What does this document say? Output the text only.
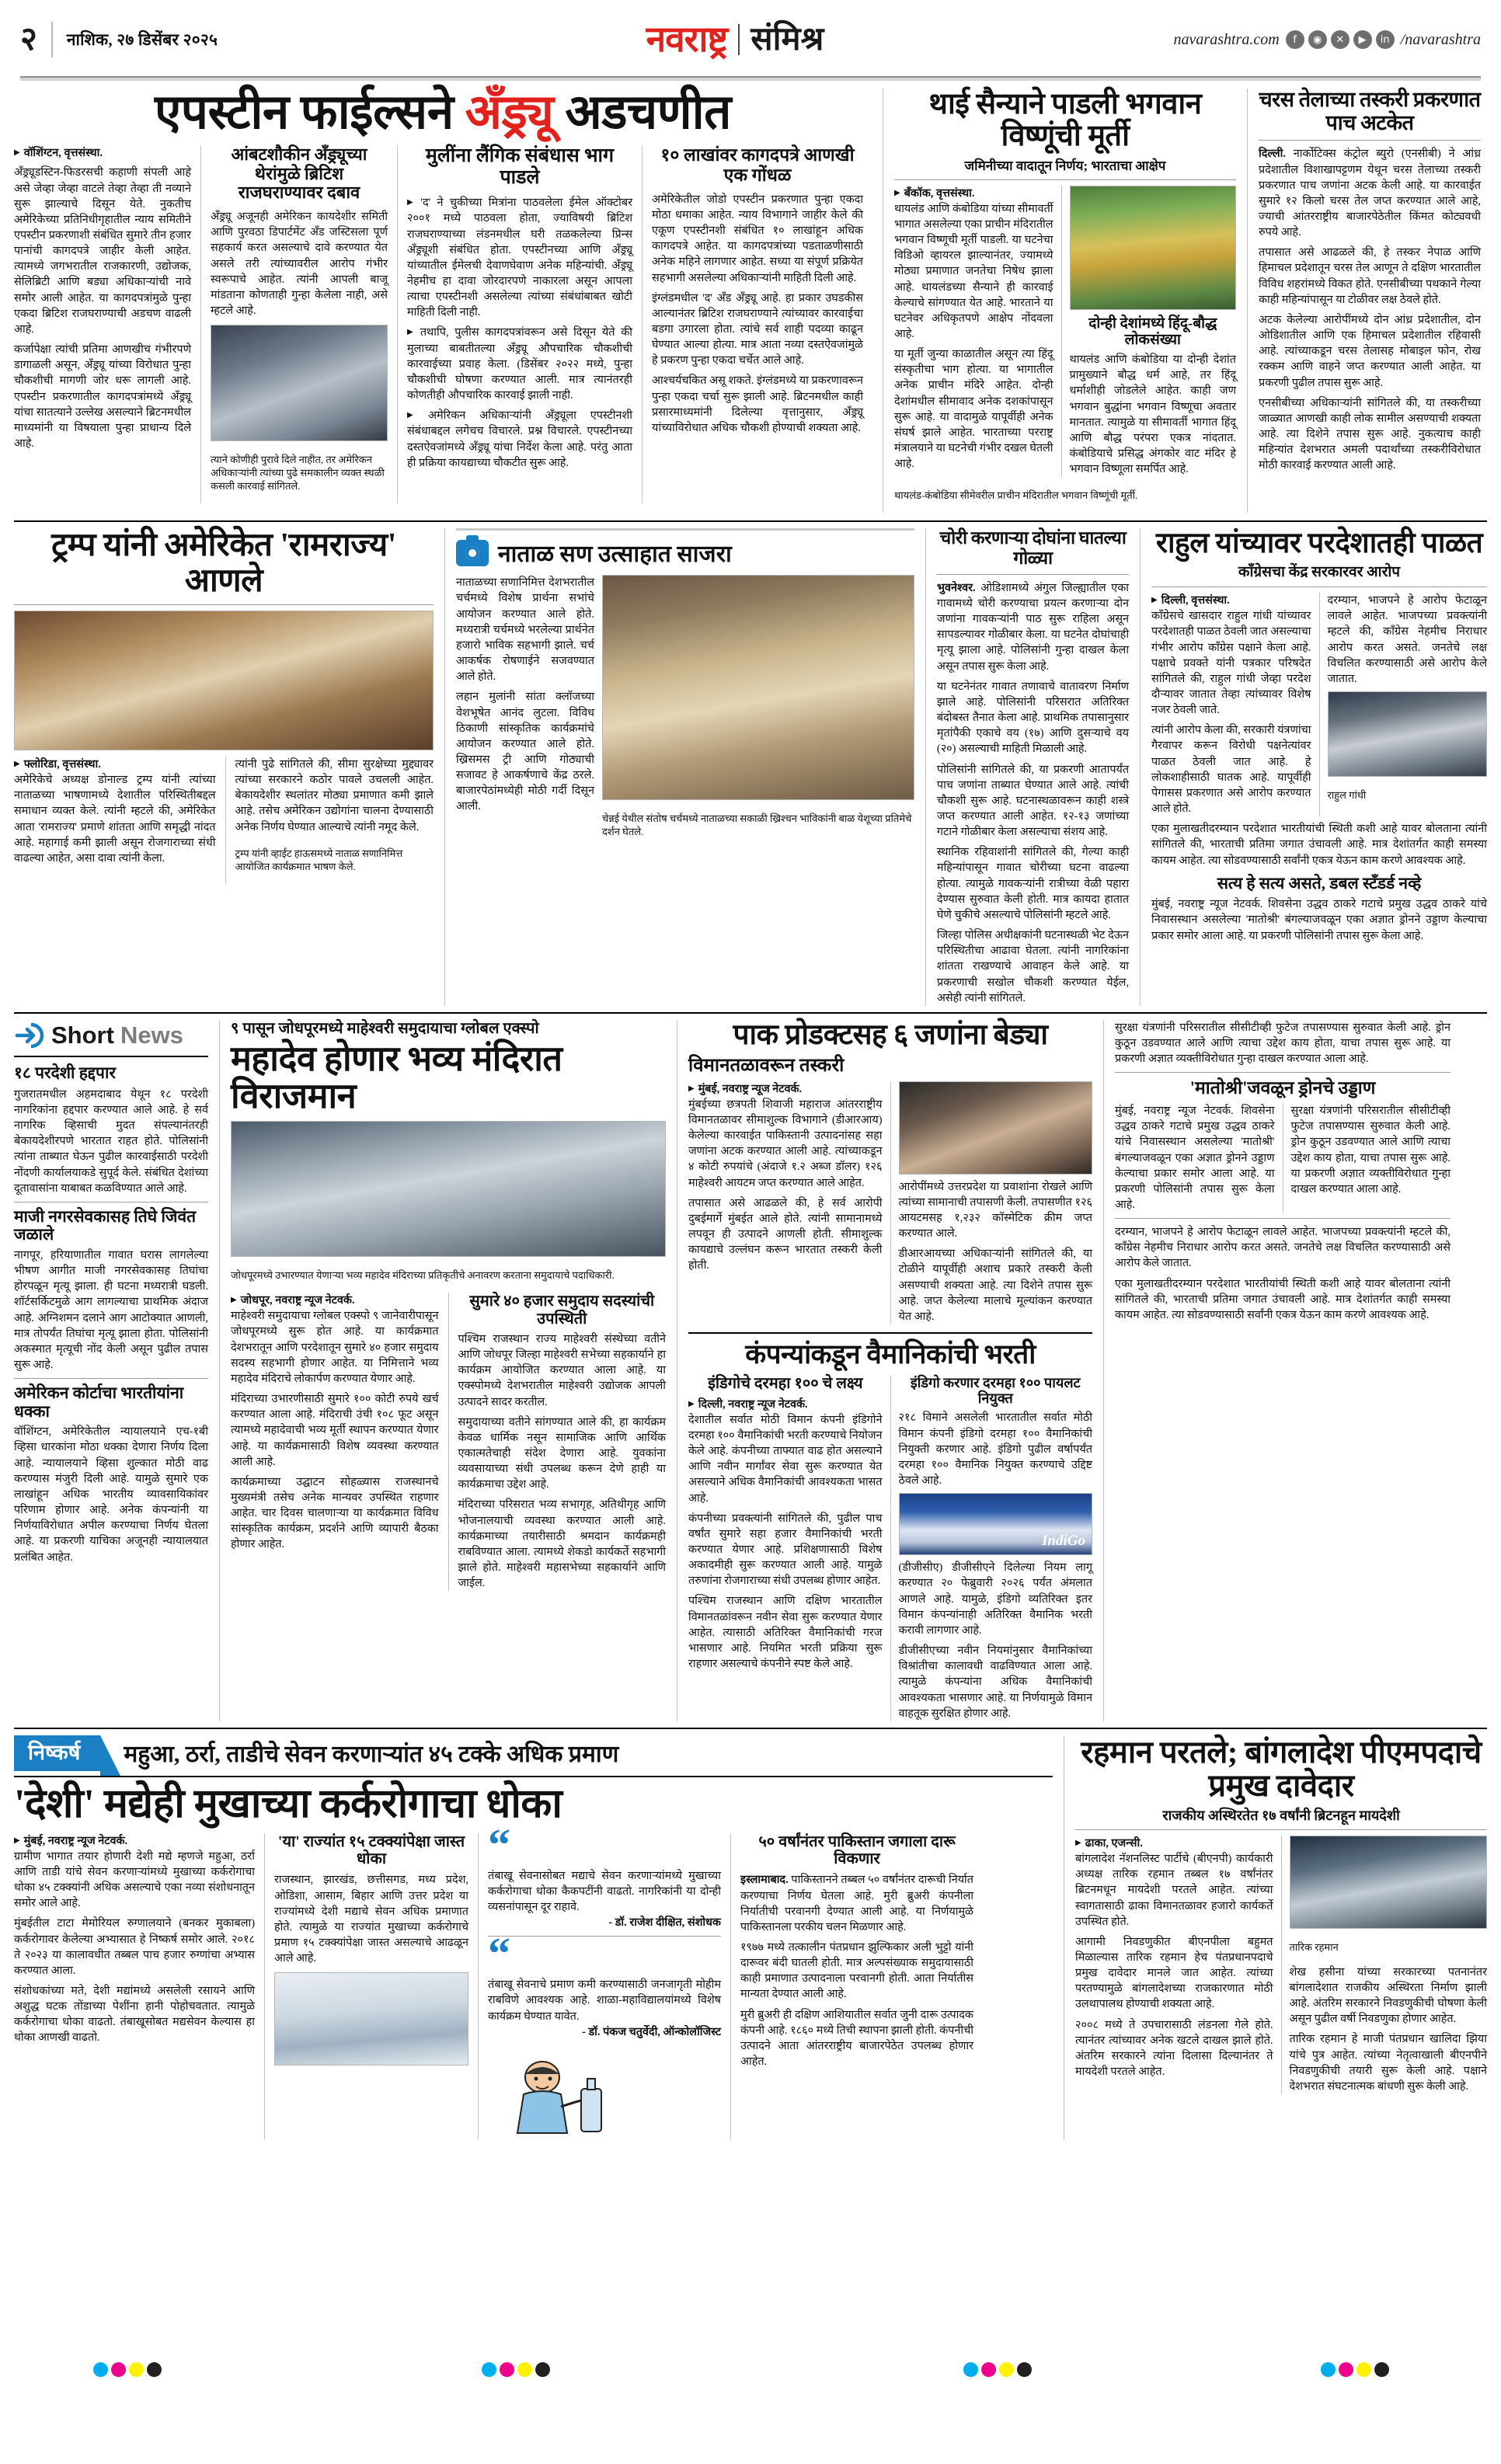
२ नाशिक, २७ डिसेंबर २०२५	नवराष्ट्र संमिश्र	navarashtra.com	f	◉	✕	▶	in /navarashtra
एपस्टीन फाईल्सने अँड्र्यू अडचणीत

▶ वॉशिंग्टन, वृत्तसंस्था.

अँड्र्यूडस्टिन-फिडरसची कहाणी संपली आहे असे जेव्हा जेव्हा वाटले तेव्हा तेव्हा ती नव्याने सुरू झाल्याचे दिसून येते. नुकतीच अमेरिकेच्या प्रतिनिधीगृहातील न्याय समितीने एपस्टीन प्रकरणाशी संबंधित सुमारे तीन हजार पानांची कागदपत्रे जाहीर केली आहेत. त्यामध्ये जगभरातील राजकारणी, उद्योजक, सेलिब्रिटी आणि बड्या अधिकाऱ्यांची नावे समोर आली आहेत. या कागदपत्रांमुळे पुन्हा एकदा ब्रिटिश राजघराण्याची अडचण वाढली आहे.

कर्जापेक्षा त्यांची प्रतिमा आणखीच गंभीरपणे डागाळली असून, अँड्र्यू यांच्या विरोधात पुन्हा चौकशीची मागणी जोर धरू लागली आहे. एपस्टीन प्रकरणातील कागदपत्रांमध्ये अँड्र्यू यांचा सातत्याने उल्लेख असल्याने ब्रिटनमधील माध्यमांनी या विषयाला पुन्हा प्राधान्य दिले आहे.

आंबटशौकीन अँड्र्यूच्या थेरांमुळे ब्रिटिश राजघराण्यावर दबाव

अँड्र्यू अजूनही अमेरिकन कायदेशीर समिती आणि पुरवठा डिपार्टमेंट अँड जस्टिसला पूर्ण सहकार्य करत असल्याचे दावे करण्यात येत असले तरी त्यांच्यावरील आरोप गंभीर स्वरूपाचे आहेत. त्यांनी आपली बाजू मांडताना कोणताही गुन्हा केलेला नाही, असे म्हटले आहे.

त्याने कोणीही पुरावे दिले नाहीत, तर अमेरिकन अधिकाऱ्यांनी त्यांच्या पुढे समकालीन व्यक्त स्थळी कसली कारवाई सांगितले.

मुलींना लैंगिक संबंधास भाग पाडले

▶ 'द' ने चुकीच्या मित्रांना पाठवलेला ईमेल ऑक्टोबर २००१ मध्ये पाठवला होता, ज्याविषयी ब्रिटिश राजघराण्याच्या लंडनमधील घरी तळकलेल्या प्रिन्स अँड्र्यूशी संबंधित होता. एपस्टीनच्या आणि अँड्र्यू यांच्यातील ईमेलची देवाणघेवाण अनेक महिन्यांची. अँड्र्यू नेहमीच हा दावा जोरदारपणे नाकारला असून आपला त्याचा एपस्टीनशी असलेल्या त्यांच्या संबंधांबाबत खोटी माहिती दिली नाही.

▶ तथापि, पुलीस कागदपत्रांवरून असे दिसून येते की मुलाच्या बाबतीतल्या अँड्र्यू औपचारिक चौकशीची कारवाईच्या प्रवाह केला. (डिसेंबर २०२२ मध्ये, पुन्हा चौकशीची घोषणा करण्यात आली. मात्र त्यानंतरही कोणतीही औपचारिक कारवाई झाली नाही.

▶ अमेरिकन अधिकाऱ्यांनी अँड्र्यूला एपस्टीनशी संबंधाबद्दल लगेचच विचारले. प्रश्न विचारले. एपस्टीनच्या दस्तऐवजांमध्ये अँड्र्यू यांचा निर्देश केला आहे. परंतु आता ही प्रक्रिया कायद्याच्या चौकटीत सुरू आहे.

१० लाखांवर कागदपत्रे आणखी एक गोंधळ

अमेरिकेतील जोडो एपस्टीन प्रकरणात पुन्हा एकदा मोठा धमाका आहेत. न्याय विभागाने जाहीर केले की एकूण एपस्टीनशी संबंधित १० लाखांहून अधिक कागदपत्रे आहेत. या कागदपत्रांच्या पडताळणीसाठी अनेक महिने लागणार आहेत. सध्या या संपूर्ण प्रक्रियेत सहभागी असलेल्या अधिकाऱ्यांनी माहिती दिली आहे.

इंग्लंडमधील 'द' अँड अँड्र्यू आहे. हा प्रकार उघडकीस आल्यानंतर ब्रिटिश राजघराण्याने त्यांच्यावर कारवाईचा बडगा उगारला होता. त्यांचे सर्व शाही पदव्या काढून घेण्यात आल्या होत्या. मात्र आता नव्या दस्तऐवजांमुळे हे प्रकरण पुन्हा एकदा चर्चेत आले आहे.

आश्चर्यचकित असू शकते. इंग्लंडमध्ये या प्रकरणावरून पुन्हा एकदा चर्चा सुरू झाली आहे. ब्रिटनमधील काही प्रसारमाध्यमांनी दिलेल्या वृत्तानुसार, अँड्र्यू यांच्याविरोधात अधिक चौकशी होण्याची शक्यता आहे.

थाई सैन्याने पाडली भगवान विष्णूंची मूर्ती

जमिनीच्या वादातून निर्णय; भारताचा आक्षेप

▶ बँकॉक, वृत्तसंस्था.

थायलंड आणि कंबोडिया यांच्या सीमावर्ती भागात असलेल्या एका प्राचीन मंदिरातील भगवान विष्णूची मूर्ती पाडली. या घटनेचा विडिओ व्हायरल झाल्यानंतर, ज्यामध्ये मोठ्या प्रमाणात जनतेचा निषेध झाला आहे. थायलंडच्या सैन्याने ही कारवाई केल्याचे सांगण्यात येत आहे. भारताने या घटनेवर अधिकृतपणे आक्षेप नोंदवला आहे.

या मूर्ती जुन्या काळातील असून त्या हिंदू संस्कृतीचा भाग होत्या. या भागातील अनेक प्राचीन मंदिरे आहेत. दोन्ही देशांमधील सीमावाद अनेक दशकांपासून सुरू आहे. या वादामुळे यापूर्वीही अनेक संघर्ष झाले आहेत. भारताच्या परराष्ट्र मंत्रालयाने या घटनेची गंभीर दखल घेतली आहे.

दोन्ही देशांमध्ये हिंदू-बौद्ध लोकसंख्या

थायलंड आणि कंबोडिया या दोन्ही देशांत प्रामुख्याने बौद्ध धर्म आहे, तर हिंदू धर्माशीही जोडलेले आहेत. काही जण भगवान बुद्धांना भगवान विष्णूचा अवतार मानतात. त्यामुळे या सीमावर्ती भागात हिंदू आणि बौद्ध परंपरा एकत्र नांदतात. कंबोडियाचे प्रसिद्ध अंगकोर वाट मंदिर हे भगवान विष्णूला समर्पित आहे.

थायलंड-कंबोडिया सीमेवरील प्राचीन मंदिरातील भगवान विष्णूंची मूर्ती.

चरस तेलाच्या तस्करी प्रकरणात पाच अटकेत

दिल्ली. नार्कोटिक्स कंट्रोल ब्युरो (एनसीबी) ने आंध्र प्रदेशातील विशाखापट्टणम येथून चरस तेलाच्या तस्करी प्रकरणात पाच जणांना अटक केली आहे. या कारवाईत सुमारे १२ किलो चरस तेल जप्त करण्यात आले आहे, ज्याची आंतरराष्ट्रीय बाजारपेठेतील किंमत कोट्यवधी रुपये आहे.

तपासात असे आढळले की, हे तस्कर नेपाळ आणि हिमाचल प्रदेशातून चरस तेल आणून ते दक्षिण भारतातील विविध शहरांमध्ये विकत होते. एनसीबीच्या पथकाने गेल्या काही महिन्यांपासून या टोळीवर लक्ष ठेवले होते.

अटक केलेल्या आरोपींमध्ये दोन आंध्र प्रदेशातील, दोन ओडिशातील आणि एक हिमाचल प्रदेशातील रहिवासी आहे. त्यांच्याकडून चरस तेलासह मोबाइल फोन, रोख रक्कम आणि वाहने जप्त करण्यात आली आहेत. या प्रकरणी पुढील तपास सुरू आहे.

एनसीबीच्या अधिकाऱ्यांनी सांगितले की, या तस्करीच्या जाळ्यात आणखी काही लोक सामील असण्याची शक्यता आहे. त्या दिशेने तपास सुरू आहे. नुकत्याच काही महिन्यांत देशभरात अमली पदार्थांच्या तस्करीविरोधात मोठी कारवाई करण्यात आली आहे.

ट्रम्प यांनी अमेरिकेत 'रामराज्य' आणले

▶ फ्लोरिडा, वृत्तसंस्था.

अमेरिकेचे अध्यक्ष डोनाल्ड ट्रम्प यांनी त्यांच्या नाताळच्या भाषणामध्ये देशातील परिस्थितीबद्दल समाधान व्यक्त केले. त्यांनी म्हटले की, अमेरिकेत आता 'रामराज्य' प्रमाणे शांतता आणि समृद्धी नांदत आहे. महागाई कमी झाली असून रोजगाराच्या संधी वाढल्या आहेत, असा दावा त्यांनी केला.

त्यांनी पुढे सांगितले की, सीमा सुरक्षेच्या मुद्द्यावर त्यांच्या सरकारने कठोर पावले उचलली आहेत. बेकायदेशीर स्थलांतर मोठ्या प्रमाणात कमी झाले आहे. तसेच अमेरिकन उद्योगांना चालना देण्यासाठी अनेक निर्णय घेण्यात आल्याचे त्यांनी नमूद केले.

ट्रम्प यांनी व्हाईट हाऊसमध्ये नाताळ सणानिमित्त आयोजित कार्यक्रमात भाषण केले.

नाताळ सण उत्साहात साजरा

नाताळच्या सणानिमित्त देशभरातील चर्चमध्ये विशेष प्रार्थना सभांचे आयोजन करण्यात आले होते. मध्यरात्री चर्चमध्ये भरलेल्या प्रार्थनेत हजारो भाविक सहभागी झाले. चर्च आकर्षक रोषणाईने सजवण्यात आले होते.

लहान मुलांनी सांता क्लॉजच्या वेशभूषेत आनंद लुटला. विविध ठिकाणी सांस्कृतिक कार्यक्रमांचे आयोजन करण्यात आले होते. ख्रिसमस ट्री आणि गोठ्याची सजावट हे आकर्षणाचे केंद्र ठरले. बाजारपेठांमध्येही मोठी गर्दी दिसून आली.

चेन्नई येथील संतोष चर्चमध्ये नाताळच्या सकाळी ख्रिश्चन भाविकांनी बाळ येशूच्या प्रतिमेचे दर्शन घेतले.

चोरी करणाऱ्या दोघांना घातल्या गोळ्या

भुवनेश्वर. ओडिशामध्ये अंगुल जिल्ह्यातील एका गावामध्ये चोरी करण्याचा प्रयत्न करणाऱ्या दोन जणांना गावकऱ्यांनी पाठ सुरू राहिला असून सापडल्यावर गोळीबार केला. या घटनेत दोघांचाही मृत्यू झाला आहे. पोलिसांनी गुन्हा दाखल केला असून तपास सुरू केला आहे.

या घटनेनंतर गावात तणावाचे वातावरण निर्माण झाले आहे. पोलिसांनी परिसरात अतिरिक्त बंदोबस्त तैनात केला आहे. प्राथमिक तपासानुसार मृतांपैकी एकाचे वय (१७) आणि दुसऱ्याचे वय (२०) असल्याची माहिती मिळाली आहे.

पोलिसांनी सांगितले की, या प्रकरणी आतापर्यंत पाच जणांना ताब्यात घेण्यात आले आहे. त्यांची चौकशी सुरू आहे. घटनास्थळावरून काही शस्त्रे जप्त करण्यात आली आहेत. १२-१३ जणांच्या गटाने गोळीबार केला असल्याचा संशय आहे.

स्थानिक रहिवाशांनी सांगितले की, गेल्या काही महिन्यांपासून गावात चोरीच्या घटना वाढल्या होत्या. त्यामुळे गावकऱ्यांनी रात्रीच्या वेळी पहारा देण्यास सुरुवात केली होती. मात्र कायदा हातात घेणे चुकीचे असल्याचे पोलिसांनी म्हटले आहे.

जिल्हा पोलिस अधीक्षकांनी घटनास्थळी भेट देऊन परिस्थितीचा आढावा घेतला. त्यांनी नागरिकांना शांतता राखण्याचे आवाहन केले आहे. या प्रकरणाची सखोल चौकशी करण्यात येईल, असेही त्यांनी सांगितले.

राहुल यांच्यावर परदेशातही पाळत

काँग्रेसचा केंद्र सरकारवर आरोप

▶ दिल्ली, वृत्तसंस्था.

काँग्रेसचे खासदार राहुल गांधी यांच्यावर परदेशातही पाळत ठेवली जात असल्याचा गंभीर आरोप काँग्रेस पक्षाने केला आहे. पक्षाचे प्रवक्ते यांनी पत्रकार परिषदेत सांगितले की, राहुल गांधी जेव्हा परदेश दौऱ्यावर जातात तेव्हा त्यांच्यावर विशेष नजर ठेवली जाते.

त्यांनी आरोप केला की, सरकारी यंत्रणांचा गैरवापर करून विरोधी पक्षनेत्यांवर पाळत ठेवली जात आहे. हे लोकशाहीसाठी घातक आहे. यापूर्वीही पेगासस प्रकरणात असे आरोप करण्यात आले होते.

दरम्यान, भाजपने हे आरोप फेटाळून लावले आहेत. भाजपच्या प्रवक्त्यांनी म्हटले की, काँग्रेस नेहमीच निराधार आरोप करत असते. जनतेचे लक्ष विचलित करण्यासाठी असे आरोप केले जातात.

राहुल गांधी

एका मुलाखतीदरम्यान परदेशात भारतीयांची स्थिती कशी आहे यावर बोलताना त्यांनी सांगितले की, भारताची प्रतिमा जगात उंचावली आहे. मात्र देशांतर्गत काही समस्या कायम आहेत. त्या सोडवण्यासाठी सर्वांनी एकत्र येऊन काम करणे आवश्यक आहे.

सत्य हे सत्य असते, डबल स्टँडर्ड नव्हे

मुंबई, नवराष्ट्र न्यूज नेटवर्क. शिवसेना उद्धव ठाकरे गटाचे प्रमुख उद्धव ठाकरे यांचे निवासस्थान असलेल्या 'मातोश्री' बंगल्याजवळून एका अज्ञात ड्रोनने उड्डाण केल्याचा प्रकार समोर आला आहे. या प्रकरणी पोलिसांनी तपास सुरू केला आहे.

Short News
१८ परदेशी हद्दपार

गुजरातमधील अहमदाबाद येथून १८ परदेशी नागरिकांना हद्दपार करण्यात आले आहे. हे सर्व नागरिक व्हिसाची मुदत संपल्यानंतरही बेकायदेशीरपणे भारतात राहत होते. पोलिसांनी त्यांना ताब्यात घेऊन पुढील कारवाईसाठी परदेशी नोंदणी कार्यालयाकडे सुपूर्द केले. संबंधित देशांच्या दूतावासांना याबाबत कळविण्यात आले आहे.

माजी नगरसेवकासह तिघे जिवंत जळाले

नागपूर, हरियाणातील गावात घरास लागलेल्या भीषण आगीत माजी नगरसेवकासह तिघांचा होरपळून मृत्यू झाला. ही घटना मध्यरात्री घडली. शॉर्टसर्किटमुळे आग लागल्याचा प्राथमिक अंदाज आहे. अग्निशमन दलाने आग आटोक्यात आणली, मात्र तोपर्यंत तिघांचा मृत्यू झाला होता. पोलिसांनी अकस्मात मृत्यूची नोंद केली असून पुढील तपास सुरू आहे.

अमेरिकन कोर्टाचा भारतीयांना धक्का

वॉशिंग्टन, अमेरिकेतील न्यायालयाने एच-१बी व्हिसा धारकांना मोठा धक्का देणारा निर्णय दिला आहे. न्यायालयाने व्हिसा शुल्कात मोठी वाढ करण्यास मंजुरी दिली आहे. यामुळे सुमारे एक लाखांहून अधिक भारतीय व्यावसायिकांवर परिणाम होणार आहे. अनेक कंपन्यांनी या निर्णयाविरोधात अपील करण्याचा निर्णय घेतला आहे. या प्रकरणी याचिका अजूनही न्यायालयात प्रलंबित आहेत.

९ पासून जोधपूरमध्ये माहेश्वरी समुदायाचा ग्लोबल एक्स्पो

महादेव होणार भव्य मंदिरात विराजमान

जोधपूरमध्ये उभारण्यात येणाऱ्या भव्य महादेव मंदिराच्या प्रतिकृतीचे अनावरण करताना समुदायाचे पदाधिकारी.

▶ जोधपूर, नवराष्ट्र न्यूज नेटवर्क.

माहेश्वरी समुदायाचा ग्लोबल एक्स्पो ९ जानेवारीपासून जोधपूरमध्ये सुरू होत आहे. या कार्यक्रमात देशभरातून आणि परदेशातून सुमारे ४० हजार समुदाय सदस्य सहभागी होणार आहेत. या निमित्ताने भव्य महादेव मंदिराचे लोकार्पण करण्यात येणार आहे.

मंदिराच्या उभारणीसाठी सुमारे १०० कोटी रुपये खर्च करण्यात आला आहे. मंदिराची उंची १०८ फूट असून त्यामध्ये महादेवाची भव्य मूर्ती स्थापन करण्यात येणार आहे. या कार्यक्रमासाठी विशेष व्यवस्था करण्यात आली आहे.

कार्यक्रमाच्या उद्घाटन सोहळ्यास राजस्थानचे मुख्यमंत्री तसेच अनेक मान्यवर उपस्थित राहणार आहेत. चार दिवस चालणाऱ्या या कार्यक्रमात विविध सांस्कृतिक कार्यक्रम, प्रदर्शने आणि व्यापारी बैठका होणार आहेत.

सुमारे ४० हजार समुदाय सदस्यांची उपस्थिती

पश्चिम राजस्थान राज्य माहेश्वरी संस्थेच्या वतीने आणि जोधपूर जिल्हा माहेश्वरी सभेच्या सहकार्याने हा कार्यक्रम आयोजित करण्यात आला आहे. या एक्स्पोमध्ये देशभरातील माहेश्वरी उद्योजक आपली उत्पादने सादर करतील.

समुदायाच्या वतीने सांगण्यात आले की, हा कार्यक्रम केवळ धार्मिक नसून सामाजिक आणि आर्थिक एकात्मतेचाही संदेश देणारा आहे. युवकांना व्यवसायाच्या संधी उपलब्ध करून देणे हाही या कार्यक्रमाचा उद्देश आहे.

मंदिराच्या परिसरात भव्य सभागृह, अतिथीगृह आणि भोजनालयाची व्यवस्था करण्यात आली आहे. कार्यक्रमाच्या तयारीसाठी श्रमदान कार्यक्रमही राबविण्यात आला. त्यामध्ये शेकडो कार्यकर्ते सहभागी झाले होते. माहेश्वरी महासभेच्या सहकार्याने आणि जाईल.

पाक प्रोडक्टसह ६ जणांना बेड्या

विमानतळावरून तस्करी

▶ मुंबई, नवराष्ट्र न्यूज नेटवर्क.

मुंबईच्या छत्रपती शिवाजी महाराज आंतरराष्ट्रीय विमानतळावर सीमाशुल्क विभागाने (डीआरआय) केलेल्या कारवाईत पाकिस्तानी उत्पादनांसह सहा जणांना अटक करण्यात आली आहे. त्यांच्याकडून ४ कोटी रुपयांचे (अंदाजे १.२ अब्ज डॉलर) १२६ माहेश्वरी आयटम जप्त करण्यात आले आहेत.

तपासात असे आढळले की, हे सर्व आरोपी दुबईमार्गे मुंबईत आले होते. त्यांनी सामानामध्ये लपवून ही उत्पादने आणली होती. सीमाशुल्क कायद्याचे उल्लंघन करून भारतात तस्करी केली होती.

आरोपींमध्ये उत्तरप्रदेश या प्रवाशांना रोखले आणि त्यांच्या सामानाची तपासणी केली. तपासणीत १२६ आयटमसह १,२३२ कॉस्मेटिक क्रीम जप्त करण्यात आले.

डीआरआयच्या अधिकाऱ्यांनी सांगितले की, या टोळीने यापूर्वीही अशाच प्रकारे तस्करी केली असण्याची शक्यता आहे. त्या दिशेने तपास सुरू आहे. जप्त केलेल्या मालाचे मूल्यांकन करण्यात येत आहे.

कंपन्यांकडून वैमानिकांची भरती

इंडिगोचे दरमहा १०० चे लक्ष्य

▶ दिल्ली, नवराष्ट्र न्यूज नेटवर्क.

देशातील सर्वात मोठी विमान कंपनी इंडिगोने दरमहा १०० वैमानिकांची भरती करण्याचे नियोजन केले आहे. कंपनीच्या ताफ्यात वाढ होत असल्याने आणि नवीन मार्गांवर सेवा सुरू करण्यात येत असल्याने अधिक वैमानिकांची आवश्यकता भासत आहे.

कंपनीच्या प्रवक्त्यांनी सांगितले की, पुढील पाच वर्षांत सुमारे सहा हजार वैमानिकांची भरती करण्यात येणार आहे. प्रशिक्षणासाठी विशेष अकादमीही सुरू करण्यात आली आहे. यामुळे तरुणांना रोजगाराच्या संधी उपलब्ध होणार आहेत.

पश्चिम राजस्थान आणि दक्षिण भारतातील विमानतळांवरून नवीन सेवा सुरू करण्यात येणार आहेत. त्यासाठी अतिरिक्त वैमानिकांची गरज भासणार आहे. नियमित भरती प्रक्रिया सुरू राहणार असल्याचे कंपनीने स्पष्ट केले आहे.

इंडिगो करणार दरमहा १०० पायलट नियुक्त

२१८ विमाने असलेली भारतातील सर्वात मोठी विमान कंपनी इंडिगो दरमहा १०० वैमानिकांची नियुक्ती करणार आहे. इंडिगो पुढील वर्षापर्यंत दरमहा १०० वैमानिक नियुक्त करण्याचे उद्दिष्ट ठेवले आहे.

IndiGo

(डीजीसीए) डीजीसीएने दिलेल्या नियम लागू करण्यात २० फेब्रुवारी २०२६ पर्यंत अंमलात आणले आहे. यामुळे, इंडिगो व्यतिरिक्त इतर विमान कंपन्यांनाही अतिरिक्त वैमानिक भरती करावी लागणार आहे.

डीजीसीएच्या नवीन नियमांनुसार वैमानिकांच्या विश्रांतीचा कालावधी वाढविण्यात आला आहे. त्यामुळे कंपन्यांना अधिक वैमानिकांची आवश्यकता भासणार आहे. या निर्णयामुळे विमान वाहतूक सुरक्षित होणार आहे.

सुरक्षा यंत्रणांनी परिसरातील सीसीटीव्ही फुटेज तपासण्यास सुरुवात केली आहे. ड्रोन कुठून उडवण्यात आले आणि त्याचा उद्देश काय होता, याचा तपास सुरू आहे. या प्रकरणी अज्ञात व्यक्तीविरोधात गुन्हा दाखल करण्यात आला आहे.

'मातोश्री'जवळून ड्रोनचे उड्डाण

मुंबई, नवराष्ट्र न्यूज नेटवर्क. शिवसेना उद्धव ठाकरे गटाचे प्रमुख उद्धव ठाकरे यांचे निवासस्थान असलेल्या 'मातोश्री' बंगल्याजवळून एका अज्ञात ड्रोनने उड्डाण केल्याचा प्रकार समोर आला आहे. या प्रकरणी पोलिसांनी तपास सुरू केला आहे.

सुरक्षा यंत्रणांनी परिसरातील सीसीटीव्ही फुटेज तपासण्यास सुरुवात केली आहे. ड्रोन कुठून उडवण्यात आले आणि त्याचा उद्देश काय होता, याचा तपास सुरू आहे. या प्रकरणी अज्ञात व्यक्तीविरोधात गुन्हा दाखल करण्यात आला आहे.

दरम्यान, भाजपने हे आरोप फेटाळून लावले आहेत. भाजपच्या प्रवक्त्यांनी म्हटले की, काँग्रेस नेहमीच निराधार आरोप करत असते. जनतेचे लक्ष विचलित करण्यासाठी असे आरोप केले जातात.

एका मुलाखतीदरम्यान परदेशात भारतीयांची स्थिती कशी आहे यावर बोलताना त्यांनी सांगितले की, भारताची प्रतिमा जगात उंचावली आहे. मात्र देशांतर्गत काही समस्या कायम आहेत. त्या सोडवण्यासाठी सर्वांनी एकत्र येऊन काम करणे आवश्यक आहे.

निष्कर्ष	महुआ, ठर्रा, ताडीचे सेवन करणाऱ्यांत ४५ टक्के अधिक प्रमाण
'देशी' मद्येही मुखाच्या कर्करोगाचा धोका

▶ मुंबई, नवराष्ट्र न्यूज नेटवर्क.

ग्रामीण भागात तयार होणारी देशी मद्ये म्हणजे महुआ, ठर्रा आणि ताडी यांचे सेवन करणाऱ्यांमध्ये मुखाच्या कर्करोगाचा धोका ४५ टक्क्यांनी अधिक असल्याचे एका नव्या संशोधनातून समोर आले आहे.

मुंबईतील टाटा मेमोरियल रुग्णालयाने (बनकर मुकाबला) कर्करोगावर केलेल्या अभ्यासात हे निष्कर्ष समोर आले. २०१८ ते २०२३ या कालावधीत तब्बल पाच हजार रुग्णांचा अभ्यास करण्यात आला.

संशोधकांच्या मते, देशी मद्यांमध्ये असलेली रसायने आणि अशुद्ध घटक तोंडाच्या पेशींना हानी पोहोचवतात. त्यामुळे कर्करोगाचा धोका वाढतो. तंबाखूसोबत मद्यसेवन केल्यास हा धोका आणखी वाढतो.

'या' राज्यांत १५ टक्क्यांपेक्षा जास्त धोका

राजस्थान, झारखंड, छत्तीसगड, मध्य प्रदेश, ओडिशा, आसाम, बिहार आणि उत्तर प्रदेश या राज्यांमध्ये देशी मद्याचे सेवन अधिक प्रमाणात होते. त्यामुळे या राज्यांत मुखाच्या कर्करोगाचे प्रमाण १५ टक्क्यांपेक्षा जास्त असल्याचे आढळून आले आहे.

“

तंबाखू सेवनासोबत मद्याचे सेवन करणाऱ्यांमध्ये मुखाच्या कर्करोगाचा धोका कैकपटींनी वाढतो. नागरिकांनी या दोन्ही व्यसनांपासून दूर राहावे.

- डॉ. राजेश दीक्षित, संशोधक

“

तंबाखू सेवनाचे प्रमाण कमी करण्यासाठी जनजागृती मोहीम राबविणे आवश्यक आहे. शाळा-महाविद्यालयांमध्ये विशेष कार्यक्रम घेण्यात यावेत.

- डॉ. पंकज चतुर्वेदी, ऑन्कोलॉजिस्ट

५० वर्षांनंतर पाकिस्तान जगाला दारू विकणार

इस्लामाबाद. पाकिस्तानने तब्बल ५० वर्षांनंतर दारूची निर्यात करण्याचा निर्णय घेतला आहे. मुरी ब्रुअरी कंपनीला निर्यातीची परवानगी देण्यात आली आहे. या निर्णयामुळे पाकिस्तानला परकीय चलन मिळणार आहे.

१९७७ मध्ये तत्कालीन पंतप्रधान झुल्फिकार अली भुट्टो यांनी दारूवर बंदी घातली होती. मात्र अल्पसंख्याक समुदायासाठी काही प्रमाणात उत्पादनाला परवानगी होती. आता निर्यातीस मान्यता देण्यात आली आहे.

मुरी ब्रुअरी ही दक्षिण आशियातील सर्वात जुनी दारू उत्पादक कंपनी आहे. १८६० मध्ये तिची स्थापना झाली होती. कंपनीची उत्पादने आता आंतरराष्ट्रीय बाजारपेठेत उपलब्ध होणार आहेत.

रहमान परतले; बांगलादेश पीएमपदाचे प्रमुख दावेदार

राजकीय अस्थिरतेत १७ वर्षांनी ब्रिटनहून मायदेशी

▶ ढाका, एजन्सी.

बांगलादेश नॅशनलिस्ट पार्टीचे (बीएनपी) कार्यकारी अध्यक्ष तारिक रहमान तब्बल १७ वर्षांनंतर ब्रिटनमधून मायदेशी परतले आहेत. त्यांच्या स्वागतासाठी ढाका विमानतळावर हजारो कार्यकर्ते उपस्थित होते.

आगामी निवडणुकीत बीएनपीला बहुमत मिळाल्यास तारिक रहमान हेच पंतप्रधानपदाचे प्रमुख दावेदार मानले जात आहेत. त्यांच्या परतण्यामुळे बांगलादेशच्या राजकारणात मोठी उलथापालथ होण्याची शक्यता आहे.

२००८ मध्ये ते उपचारासाठी लंडनला गेले होते. त्यानंतर त्यांच्यावर अनेक खटले दाखल झाले होते. अंतरिम सरकारने त्यांना दिलासा दिल्यानंतर ते मायदेशी परतले आहेत.

तारिक रहमान

शेख हसीना यांच्या सरकारच्या पतनानंतर बांगलादेशात राजकीय अस्थिरता निर्माण झाली आहे. अंतरिम सरकारने निवडणुकीची घोषणा केली असून पुढील वर्षी निवडणुका होणार आहेत.

तारिक रहमान हे माजी पंतप्रधान खालिदा झिया यांचे पुत्र आहेत. त्यांच्या नेतृत्वाखाली बीएनपीने निवडणुकीची तयारी सुरू केली आहे. पक्षाने देशभरात संघटनात्मक बांधणी सुरू केली आहे.
